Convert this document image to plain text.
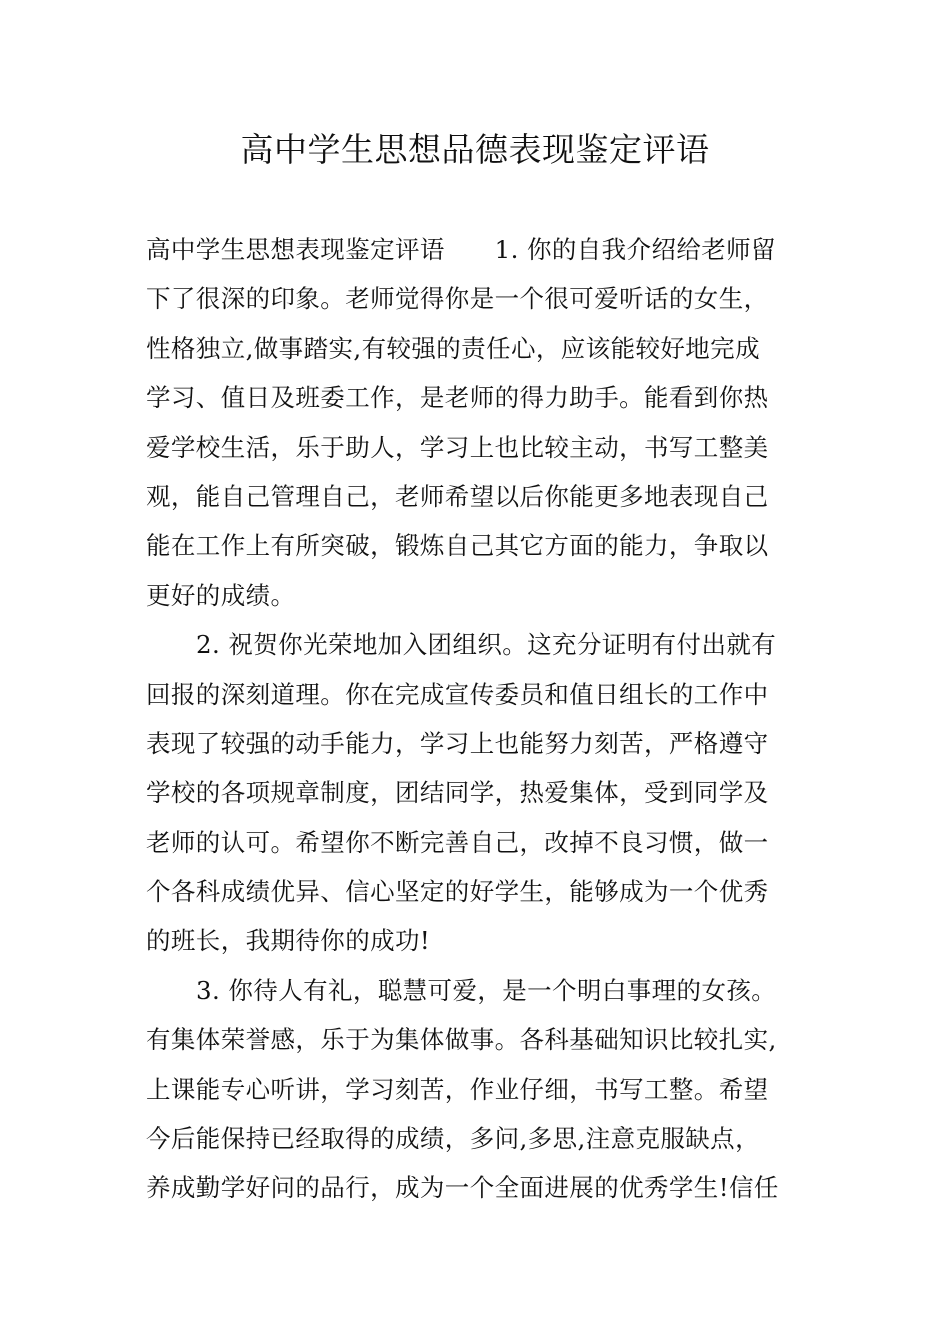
高中学生思想品德表现鉴定评语
高中学生思想表现鉴定评语　　1. 你的自我介绍给老师留
下了很深的印象。老师觉得你是一个很可爱听话的女生，
性格独立,做事踏实,有较强的责任心，应该能较好地完成
学习、值日及班委工作，是老师的得力助手。能看到你热
爱学校生活，乐于助人，学习上也比较主动，书写工整美
观，能自己管理自己，老师希望以后你能更多地表现自己
能在工作上有所突破，锻炼自己其它方面的能力，争取以
更好的成绩。
2. 祝贺你光荣地加入团组织。这充分证明有付出就有
回报的深刻道理。你在完成宣传委员和值日组长的工作中
表现了较强的动手能力，学习上也能努力刻苦，严格遵守
学校的各项规章制度，团结同学，热爱集体，受到同学及
老师的认可。希望你不断完善自己，改掉不良习惯，做一
个各科成绩优异、信心坚定的好学生，能够成为一个优秀
的班长，我期待你的成功!
3. 你待人有礼，聪慧可爱，是一个明白事理的女孩。
有集体荣誉感，乐于为集体做事。各科基础知识比较扎实,
上课能专心听讲，学习刻苦，作业仔细，书写工整。希望
今后能保持已经取得的成绩，多问,多思,注意克服缺点，
养成勤学好问的品行，成为一个全面进展的优秀学生!信任
